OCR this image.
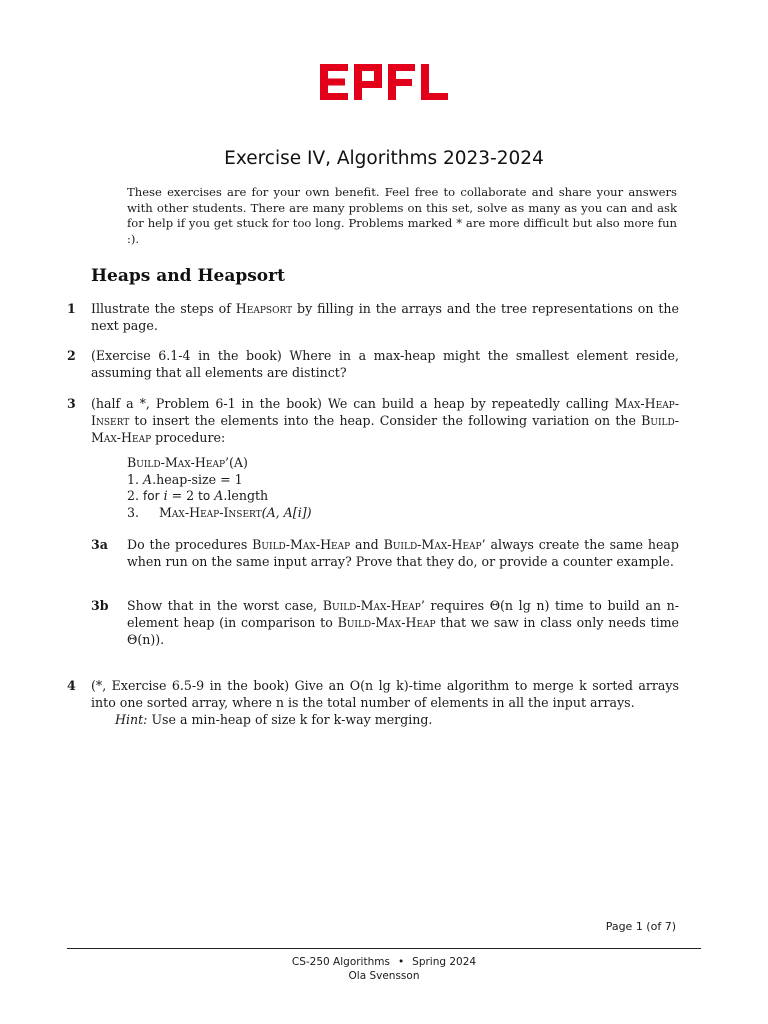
Exercise IV, Algorithms 2023-2024
These exercises are for your own benefit. Feel free to collaborate and share your answers with other students. There are many problems on this set, solve as many as you can and ask for help if you get stuck for too long. Problems marked * are more difficult but also more fun :).
Heaps and Heapsort
1 Illustrate the steps of Heapsort by filling in the arrays and the tree representations on the next page.
2 (Exercise 6.1-4 in the book) Where in a max-heap might the smallest element reside, assuming that all elements are distinct?
3 (half a *, Problem 6-1 in the book) We can build a heap by repeatedly calling Max-Heap-Insert to insert the elements into the heap. Consider the following variation on the Build-Max-Heap procedure:
Build-Max-Heap’(A)
1. A.heap-size = 1
2. for i = 2 to A.length
3. Max-Heap-Insert(A, A[i])
3a Do the procedures Build-Max-Heap and Build-Max-Heap’ always create the same heap when run on the same input array? Prove that they do, or provide a counter example.
3b Show that in the worst case, Build-Max-Heap’ requires Θ(n lg n) time to build an n-element heap (in comparison to Build-Max-Heap that we saw in class only needs time Θ(n)).
4 (*, Exercise 6.5-9 in the book) Give an O(n lg k)-time algorithm to merge k sorted arrays into one sorted array, where n is the total number of elements in all the input arrays.
Hint: Use a min-heap of size k for k-way merging.
Page 1 (of 7)
CS-250 Algorithms • Spring 2024
Ola Svensson
